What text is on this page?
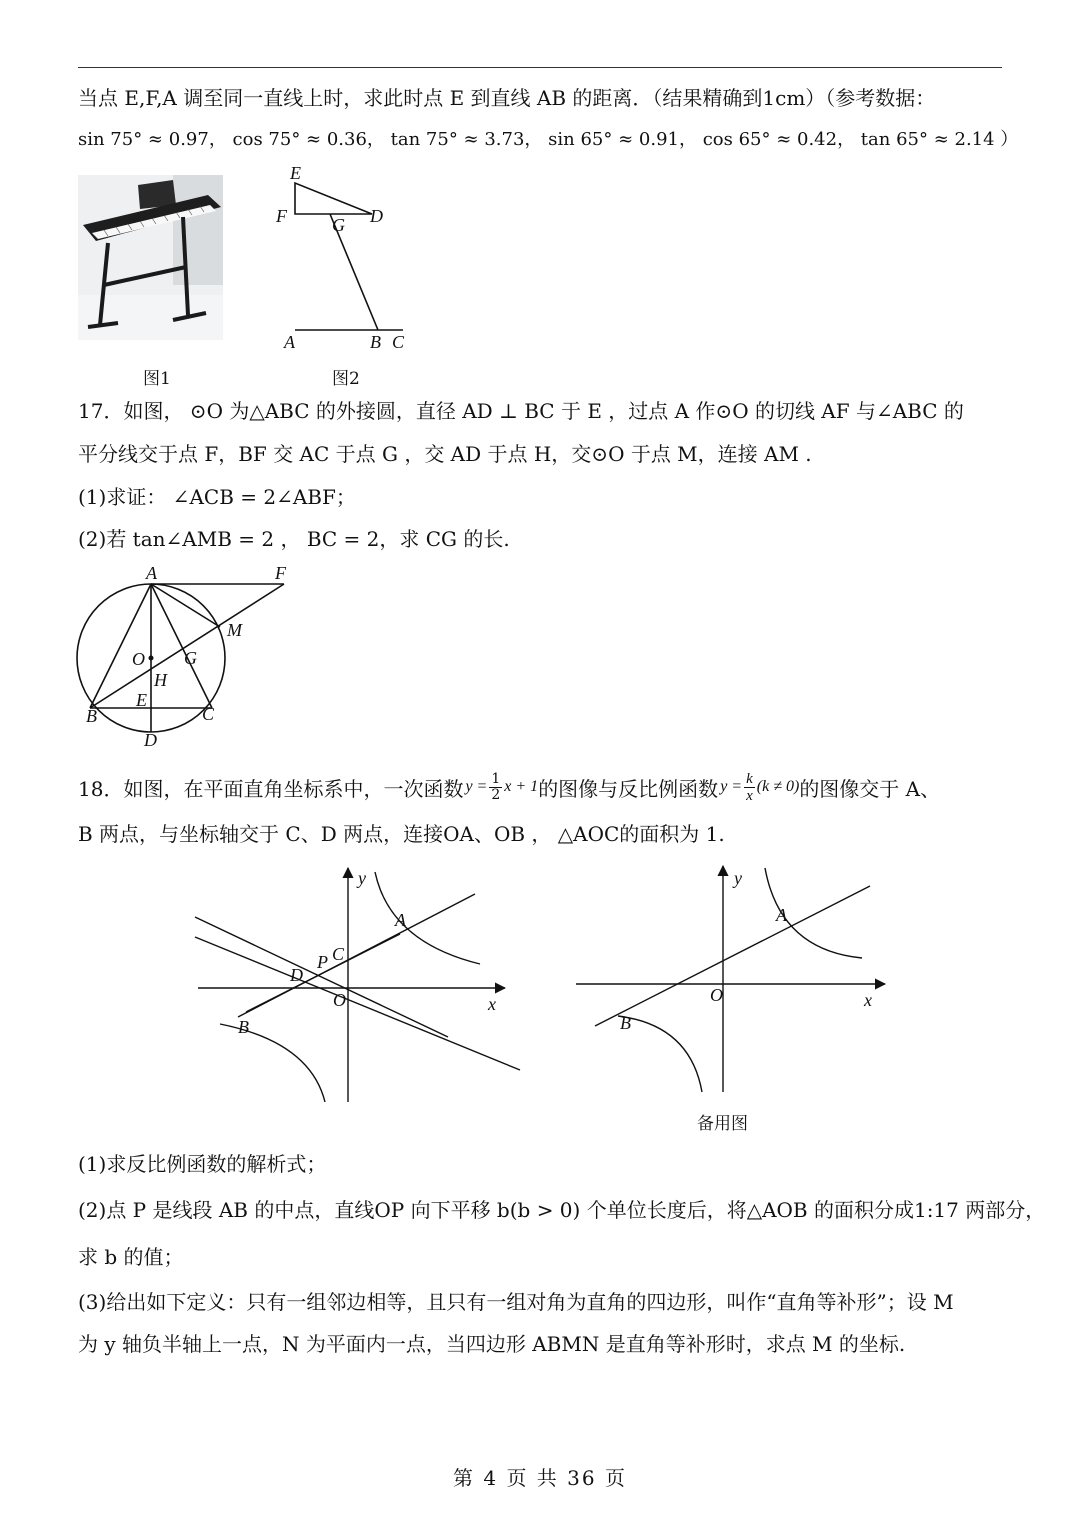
当点 E,F,A 调至同一直线上时，求此时点 E 到直线 AB 的距离．（结果精确到1cm）（参考数据：
sin 75° ≈ 0.97， cos 75° ≈ 0.36， tan 75° ≈ 3.73， sin 65° ≈ 0.91， cos 65° ≈ 0.42， tan 65° ≈ 2.14 ）
图1
E
F	G D
A	B C
图2
17．如图， ⊙O 为△ABC 的外接圆，直径 AD ⊥ BC 于 E ，过点 A 作⊙O 的切线 AF 与∠ABC 的
平分线交于点 F，BF 交 AC 于点 G ，交 AD 于点 H，交⊙O 于点 M，连接 AM .
(1)求证： ∠ACB = 2∠ABF；
(2)若 tan∠AMB = 2 ， BC = 2，求 CG 的长.
A	F
M
O G
H
E
B	C
D
18．如图，在平面直角坐标系中，一次函数 $y = \frac{1}{2}$ x + 1 的图像与反比例函数 $y = \frac{k}{x} (k \ne 0)$ 的图像交于 A、
B 两点，与坐标轴交于 C、D 两点，连接OA、OB ， △AOC的面积为 1.
y
x
A
P C
D
O
B
y
x
A
O
B
备用图
(1)求反比例函数的解析式；
(2)点 P 是线段 AB 的中点，直线OP 向下平移 b(b > 0) 个单位长度后，将△AOB 的面积分成1:17 两部分，
求 b 的值；
(3)给出如下定义：只有一组邻边相等，且只有一组对角为直角的四边形，叫作“直角等补形”；设 M
为 y 轴负半轴上一点，N 为平面内一点，当四边形 ABMN 是直角等补形时，求点 M 的坐标.
第 4 页 共 36 页
